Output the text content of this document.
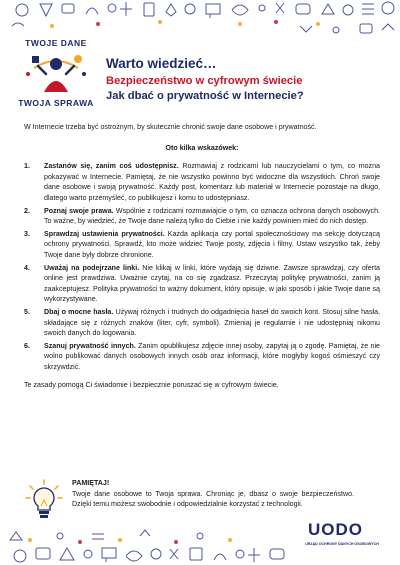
TWOJE DANE
TWOJA SPRAWA

Warto wiedzieć…

Bezpieczeństwo w cyfrowym świecie

Jak dbać o prywatność w Internecie?

W Internecie trzeba być ostrożnym, by skutecznie chronić swoje dane osobowe i prywatność.

Oto kilka wskazówek:

1. Zastanów się, zanim coś udostępnisz. Rozmawiaj z rodzicami lub nauczycielami o tym, co można pokazywać w Internecie. Pamiętaj, że nie wszystko powinno być widoczne dla wszystkich. Chroń swoje dane osobowe i swoją prywatność. Każdy post, komentarz lub materiał w Internecie pozostaje na długo, dlatego warto przemyśleć, co publikujesz i komu to udostępniasz.
2. Poznaj swoje prawa. Wspólnie z rodzicami rozmawiajcie o tym, co oznacza ochrona danych osobowych. To ważne, by wiedzieć, że Twoje dane należą tylko do Ciebie i nie każdy powinien mieć do nich dostęp.
3. Sprawdzaj ustawienia prywatności. Każda aplikacja czy portal społecznościowy ma sekcję dotyczącą ochrony prywatności. Sprawdź, kto może widzieć Twoje posty, zdjęcia i filmy. Ustaw wszystko tak, żeby Twoje dane były dobrze chronione.
4. Uważaj na podejrzane linki. Nie klikaj w linki, które wydają się dziwne. Zawsze sprawdzaj, czy oferta online jest prawdziwa. Uważnie czytaj, na co się zgadzasz. Przeczytaj politykę prywatności, zanim ją zaakceptujesz. Polityka prywatności to ważny dokument, który opisuje, w jaki sposób i jakie Twoje dane są wykorzystywane.
5. Dbaj o mocne hasła. Używaj różnych i trudnych do odgadnięcia haseł do swoich kont. Stosuj silne hasła, składające się z różnych znaków (liter, cyfr, symboli). Zmieniaj je regularnie i nie udostępniaj nikomu swoich danych do logowania.
6. Szanuj prywatność innych. Zanim opublikujesz zdjęcie innej osoby, zapytaj ją o zgodę. Pamiętaj, że nie wolno publikować danych osobowych innych osób oraz informacji, które mogłyby kogoś ośmieszyć czy skrzywdzić.

Te zasady pomogą Ci świadomie i bezpiecznie poruszać się w cyfrowym świecie.

PAMIĘTAJ!

Twoje dane osobowe to Twoja sprawa. Chroniąc je, dbasz o swoje bezpieczeństwo. Dzięki temu możesz swobodnie i odpowiedzialnie korzystać z technologii.

UODO
URZĄD OCHRONY DANYCH OSOBOWYCH
